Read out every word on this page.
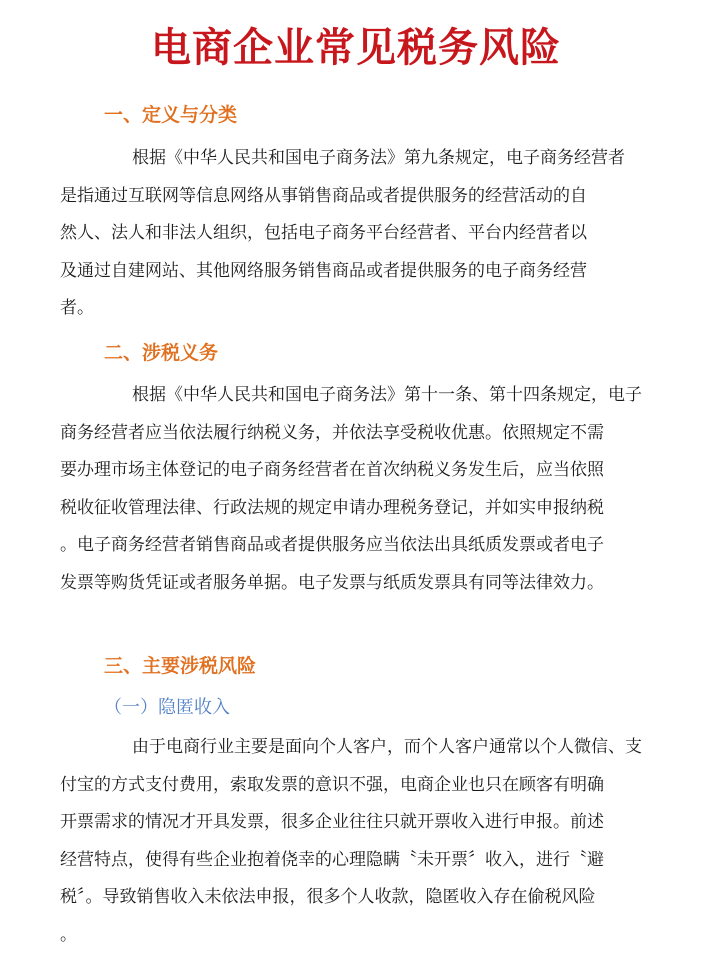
电商企业常见税务风险
一、定义与分类
根据《中华人民共和国电子商务法》第九条规定，电子商务经营者
是指通过互联网等信息网络从事销售商品或者提供服务的经营活动的自
然人、法人和非法人组织，包括电子商务平台经营者、平台内经营者以
及通过自建网站、其他网络服务销售商品或者提供服务的电子商务经营
者。
二、涉税义务
根据《中华人民共和国电子商务法》第十一条、第十四条规定，电子
商务经营者应当依法履行纳税义务，并依法享受税收优惠。依照规定不需
要办理市场主体登记的电子商务经营者在首次纳税义务发生后，应当依照
税收征收管理法律、行政法规的规定申请办理税务登记，并如实申报纳税
。电子商务经营者销售商品或者提供服务应当依法出具纸质发票或者电子
发票等购货凭证或者服务单据。电子发票与纸质发票具有同等法律效力。
三、主要涉税风险
（一）隐匿收入
由于电商行业主要是面向个人客户，而个人客户通常以个人微信、支
付宝的方式支付费用，索取发票的意识不强，电商企业也只在顾客有明确
开票需求的情况才开具发票，很多企业往往只就开票收入进行申报。前述
经营特点，使得有些企业抱着侥幸的心理隐瞒〝未开票〞收入，进行〝避
税〞。导致销售收入未依法申报，很多个人收款，隐匿收入存在偷税风险
。
